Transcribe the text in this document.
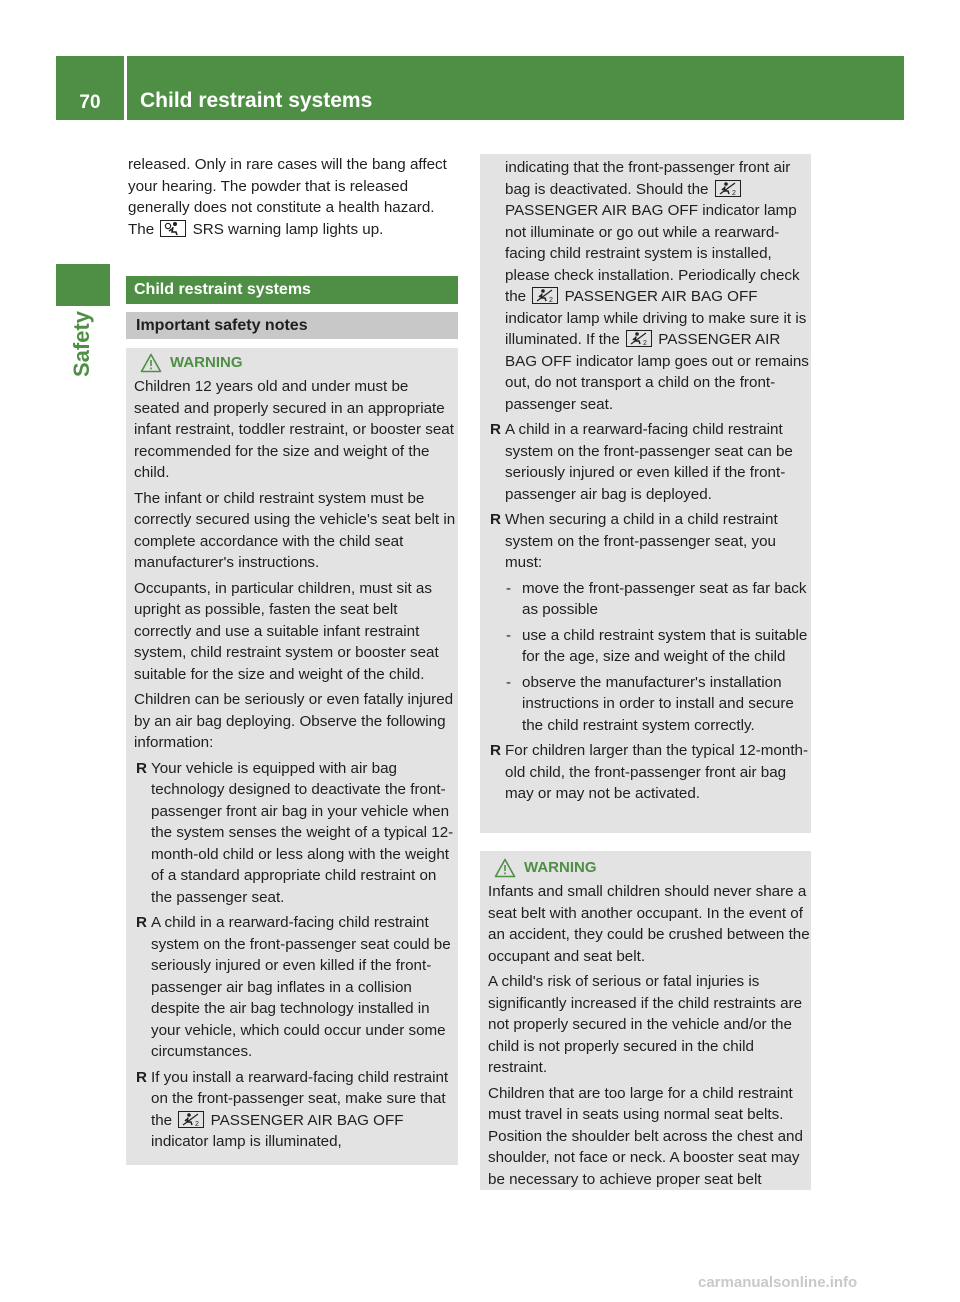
70	Child restraint systems
Safety

released. Only in rare cases will the bang affect your hearing. The powder that is released generally does not constitute a health hazard. The  SRS warning lamp lights up.

Child restraint systems
Important safety notes
WARNING

Children 12 years old and under must be seated and properly secured in an appropriate infant restraint, toddler restraint, or booster seat recommended for the size and weight of the child.

The infant or child restraint system must be correctly secured using the vehicle's seat belt in complete accordance with the child seat manufacturer's instructions.

Occupants, in particular children, must sit as upright as possible, fasten the seat belt correctly and use a suitable infant restraint system, child restraint system or booster seat suitable for the size and weight of the child.

Children can be seriously or even fatally injured by an air bag deploying. Observe the following information:

R Your vehicle is equipped with air bag technology designed to deactivate the front-passenger front air bag in your vehicle when the system senses the weight of a typical 12-month-old child or less along with the weight of a standard appropriate child restraint on the passenger seat.
R A child in a rearward-facing child restraint system on the front-passenger seat could be seriously injured or even killed if the front-passenger air bag inflates in a collision despite the air bag technology installed in your vehicle, which could occur under some circumstances.
R If you install a rearward-facing child restraint on the front-passenger seat, make sure that the	2 PASSENGER AIR BAG OFF indicator lamp is illuminated,
indicating that the front-passenger front air bag is deactivated. Should the	2
PASSENGER AIR BAG OFF indicator lamp not illuminate or go out while a rearward-facing child restraint system is installed, please check installation. Periodically check the	2 PASSENGER AIR BAG OFF indicator lamp while driving to make sure it is illuminated. If the	2 PASSENGER AIR BAG OFF indicator lamp goes out or remains out, do not transport a child on the front-passenger seat.
R A child in a rearward-facing child restraint system on the front-passenger seat can be seriously injured or even killed if the front-passenger air bag is deployed.
R When securing a child in a child restraint system on the front-passenger seat, you must:
- move the front-passenger seat as far back as possible
- use a child restraint system that is suitable for the age, size and weight of the child
- observe the manufacturer's installation instructions in order to install and secure the child restraint system correctly.
R For children larger than the typical 12-month-old child, the front-passenger front air bag may or may not be activated.
WARNING

Infants and small children should never share a seat belt with another occupant. In the event of an accident, they could be crushed between the occupant and seat belt.

A child's risk of serious or fatal injuries is significantly increased if the child restraints are not properly secured in the vehicle and/or the child is not properly secured in the child restraint.

Children that are too large for a child restraint must travel in seats using normal seat belts. Position the shoulder belt across the chest and shoulder, not face or neck. A booster seat may be necessary to achieve proper seat belt

carmanualsonline.info
